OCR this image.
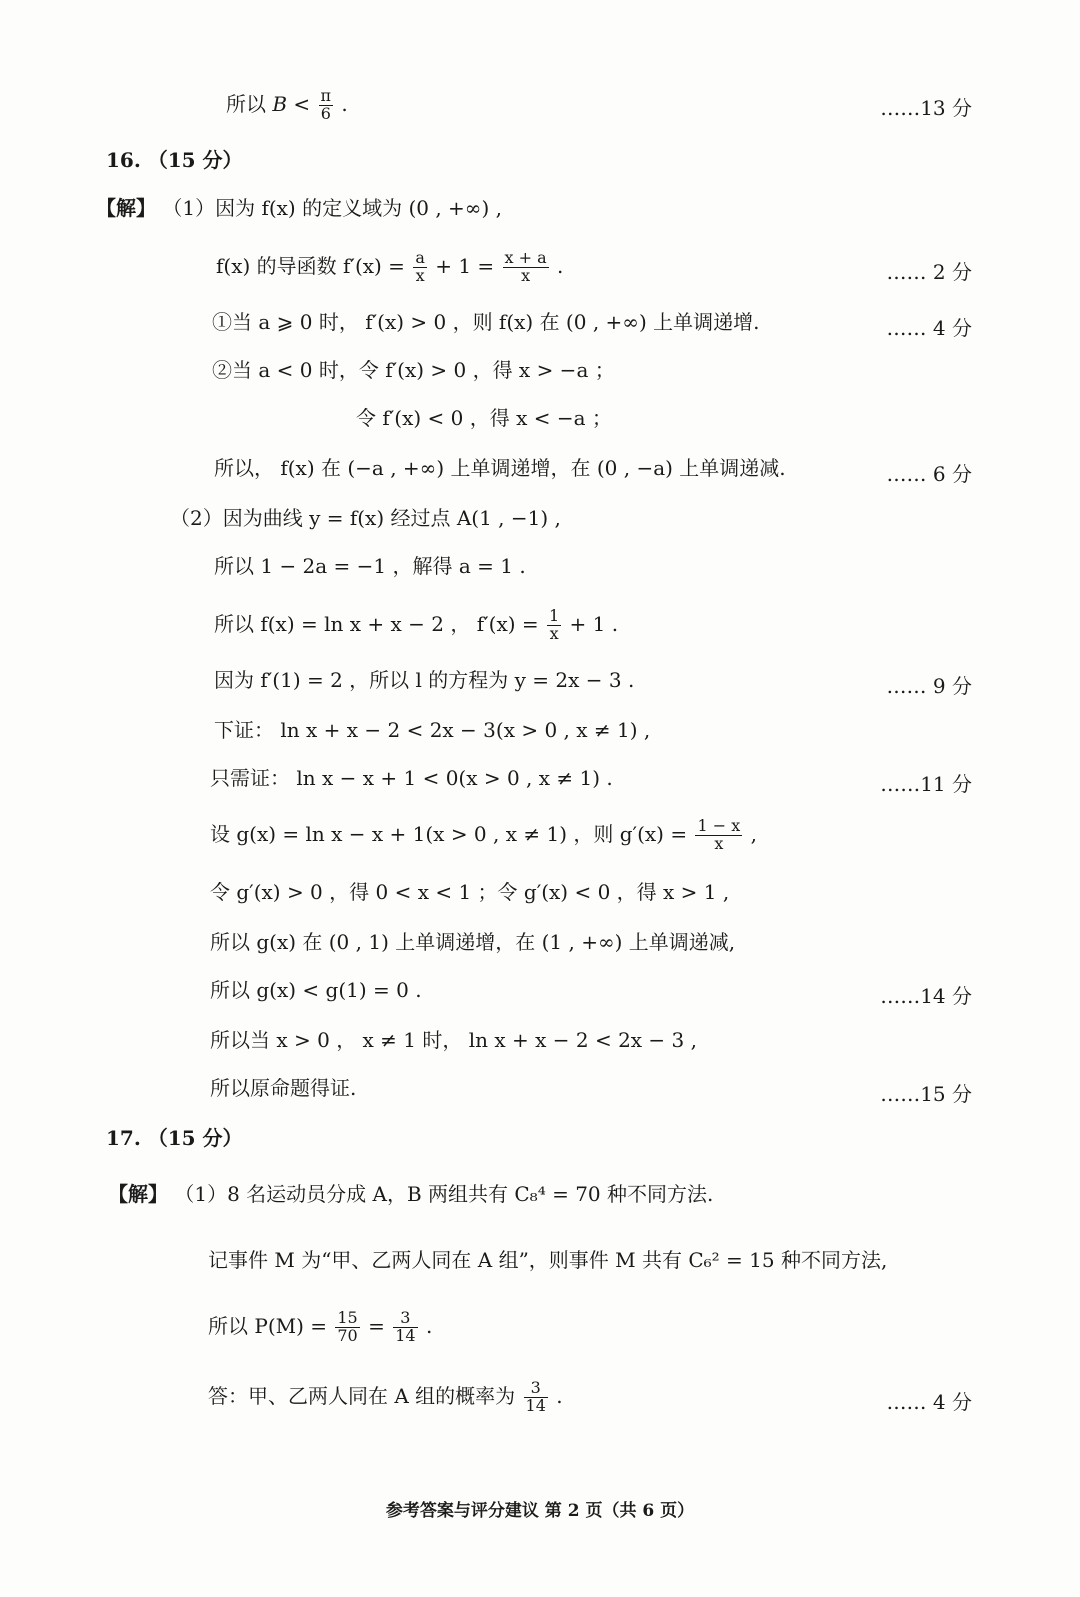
所以 $B < \frac{\pi}{6}$ .	……13 分
16. （15 分）
【解】 （1）因为 f(x) 的定义域为 (0 , +∞) ,
f(x) 的导函数 $f'(x) = \frac{a}{x} + 1 = \frac{x + a}{x}$ .	…… 2 分
①当 a ⩾ 0 时， f′(x) > 0 ，则 f(x) 在 (0 , +∞) 上单调递增.	…… 4 分
②当 a < 0 时，令 f′(x) > 0 ，得 x > −a ；
令 f′(x) < 0 ，得 x < −a ；
所以， f(x) 在 (−a , +∞) 上单调递增，在 (0 , −a) 上单调递减.	…… 6 分
（2）因为曲线 y = f(x) 经过点 A(1 , −1) ,
所以 1 − 2a = −1 ，解得 a = 1 .
所以 f(x) = ln x + x − 2 ， $f'(x) = \frac{1}{x} + 1$ .
因为 f′(1) = 2 ，所以 l 的方程为 y = 2x − 3 .	…… 9 分
下证： ln x + x − 2 < 2x − 3(x > 0 , x ≠ 1) ,
只需证： ln x − x + 1 < 0(x > 0 , x ≠ 1) .	……11 分
设 g(x) = ln x − x + 1(x > 0 , x ≠ 1) ，则 $g'(x) = \frac{1 - x}{x}$ ,
令 g′(x) > 0 ，得 0 < x < 1 ；令 g′(x) < 0 ，得 x > 1 ,
所以 g(x) 在 (0 , 1) 上单调递增，在 (1 , +∞) 上单调递减,
所以 g(x) < g(1) = 0 .	……14 分
所以当 x > 0 ， x ≠ 1 时， ln x + x − 2 < 2x − 3 ,
所以原命题得证.	……15 分
17. （15 分）
【解】 （1）8 名运动员分成 A，B 两组共有 C₈⁴ = 70 种不同方法.
记事件 M 为“甲、乙两人同在 A 组”，则事件 M 共有 C₆² = 15 种不同方法,
所以 $P(M) = \frac{15}{70} = \frac{3}{14}$ .
答：甲、乙两人同在 A 组的概率为 $\frac{3}{14}$ .	…… 4 分
参考答案与评分建议 第 2 页（共 6 页）
